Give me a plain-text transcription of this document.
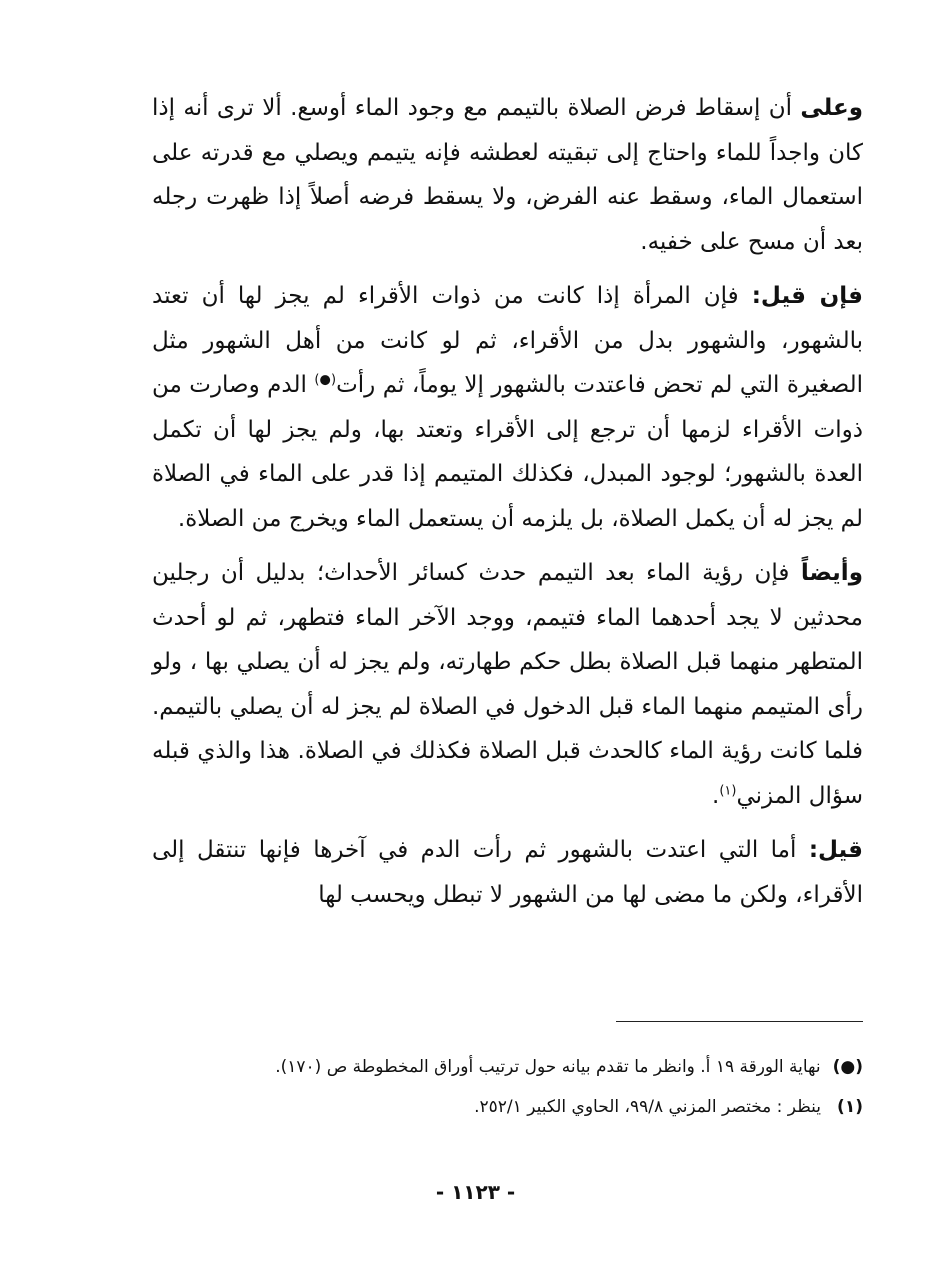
وعلى أن إسقاط فرض الصلاة بالتيمم مع وجود الماء أوسع. ألا ترى أنه إذا كان واجداً للماء واحتاج إلى تبقيته لعطشه فإنه يتيمم ويصلي مع قدرته على استعمال الماء، وسقط عنه الفرض، ولا يسقط فرضه أصلاً إذا ظهرت رجله بعد أن مسح على خفيه.

فإن قيل: فإن المرأة إذا كانت من ذوات الأقراء لم يجز لها أن تعتد بالشهور، والشهور بدل من الأقراء، ثم لو كانت من أهل الشهور مثل الصغيرة التي لم تحض فاعتدت بالشهور إلا يوماً، ثم رأت(●) الدم وصارت من ذوات الأقراء لزمها أن ترجع إلى الأقراء وتعتد بها، ولم يجز لها أن تكمل العدة بالشهور؛ لوجود المبدل، فكذلك المتيمم إذا قدر على الماء في الصلاة لم يجز له أن يكمل الصلاة، بل يلزمه أن يستعمل الماء ويخرج من الصلاة.

وأيضاً فإن رؤية الماء بعد التيمم حدث كسائر الأحداث؛ بدليل أن رجلين محدثين لا يجد أحدهما الماء فتيمم، ووجد الآخر الماء فتطهر، ثم لو أحدث المتطهر منهما قبل الصلاة بطل حكم طهارته، ولم يجز له أن يصلي بها ، ولو رأى المتيمم منهما الماء قبل الدخول في الصلاة لم يجز له أن يصلي بالتيمم. فلما كانت رؤية الماء كالحدث قبل الصلاة فكذلك في الصلاة. هذا والذي قبله سؤال المزني$^{(١)}$.

قيل: أما التي اعتدت بالشهور ثم رأت الدم في آخرها فإنها تنتقل إلى الأقراء، ولكن ما مضى لها من الشهور لا تبطل ويحسب لها

(●)
نهاية الورقة ١٩ أ. وانظر ما تقدم بيانه حول ترتيب أوراق المخطوطة ص (١٧٠).
(١)
ينظر : مختصر المزني ٩٩/٨، الحاوي الكبير ٢٥٢/١.
- ١١٢٣ -
